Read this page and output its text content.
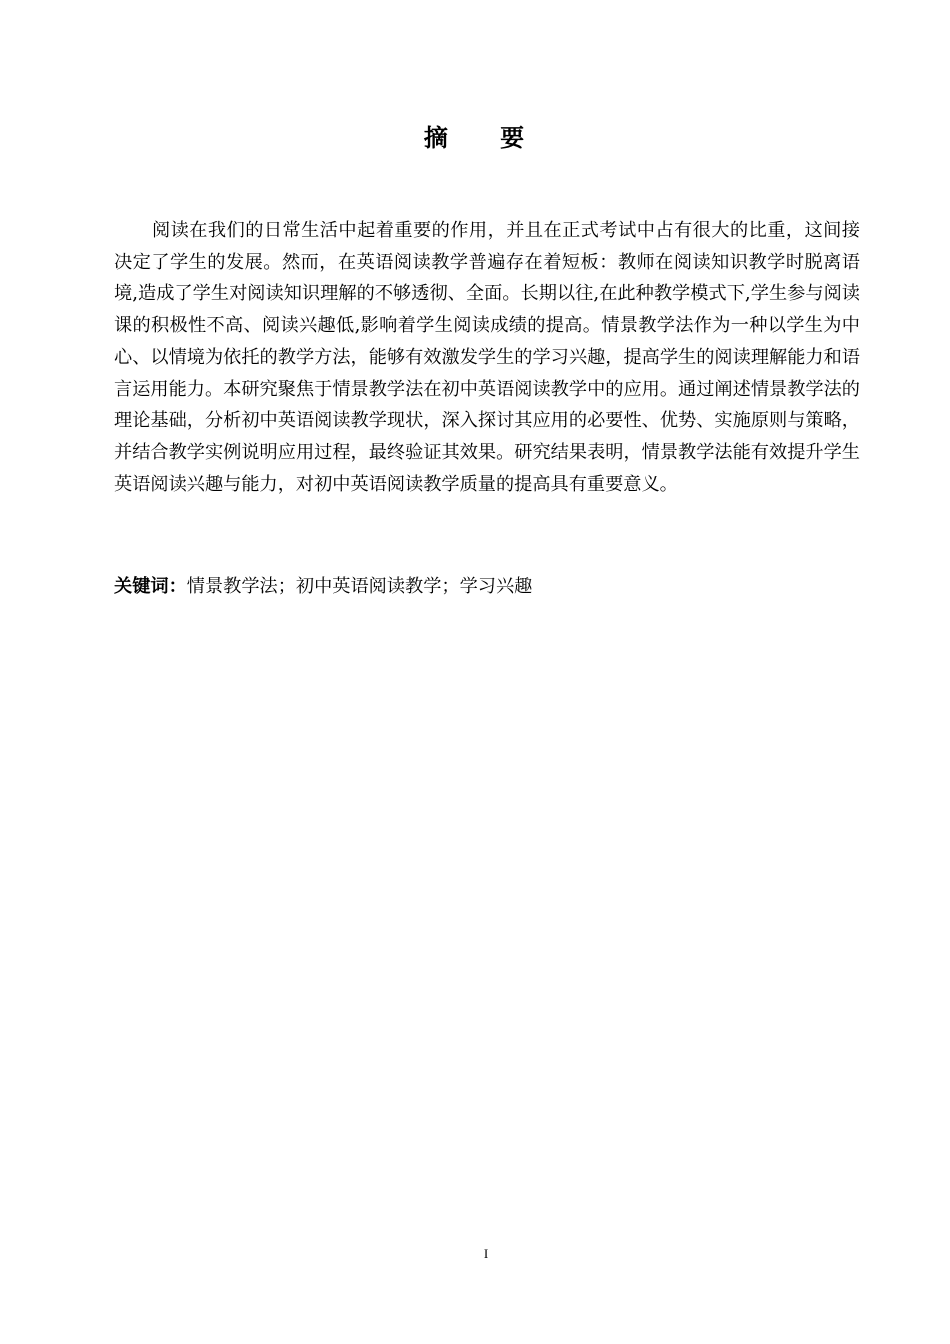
摘 要

阅读在我们的日常生活中起着重要的作用，并且在正式考试中占有很大的比重，这间接决定了学生的发展。然而，在英语阅读教学普遍存在着短板：教师在阅读知识教学时脱离语境,造成了学生对阅读知识理解的不够透彻、全面。长期以往,在此种教学模式下,学生参与阅读课的积极性不高、阅读兴趣低,影响着学生阅读成绩的提高。情景教学法作为一种以学生为中心、以情境为依托的教学方法，能够有效激发学生的学习兴趣，提高学生的阅读理解能力和语言运用能力。本研究聚焦于情景教学法在初中英语阅读教学中的应用。通过阐述情景教学法的理论基础，分析初中英语阅读教学现状，深入探讨其应用的必要性、优势、实施原则与策略，并结合教学实例说明应用过程，最终验证其效果。研究结果表明，情景教学法能有效提升学生英语阅读兴趣与能力，对初中英语阅读教学质量的提高具有重要意义。

关键词：情景教学法；初中英语阅读教学；学习兴趣
I
